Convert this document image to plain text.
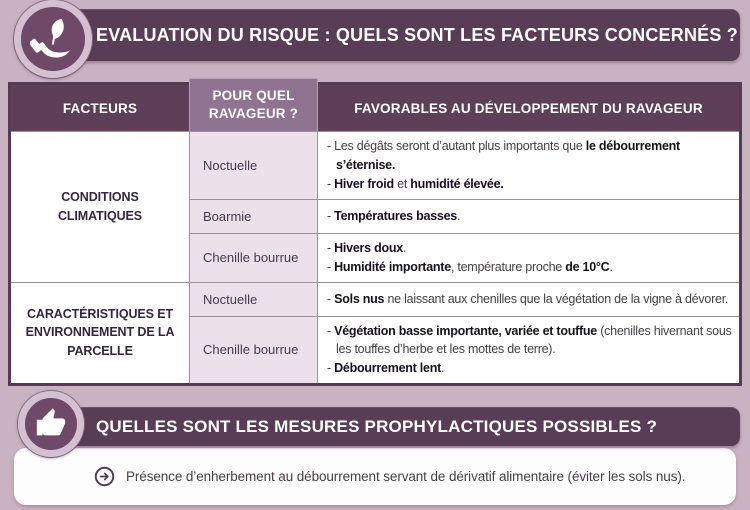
EVALUATION DU RISQUE : QUELS SONT LES FACTEURS CONCERNÉS ?
FACTEURS	POUR QUEL RAVAGEUR ?	FAVORABLES AU DÉVELOPPEMENT DU RAVAGEUR
CONDITIONS CLIMATIQUES	Noctuelle	- Les dégâts seront d’autant plus importants que le débourrement s’éternise.
- Hiver froid et humidité élevée.

	Boarmie	- Températures basses.

	Chenille bourrue	- Hivers doux.
- Humidité importante, température proche de 10°C.

CARACTÉRISTIQUES ET ENVIRONNEMENT DE LA PARCELLE	Noctuelle	- Sols nus ne laissant aux chenilles que la végétation de la vigne à dévorer.

	Chenille bourrue	- Végétation basse importante, variée et touffue (chenilles hivernant sous les touffes d’herbe et les mottes de terre).
- Débourrement lent.
QUELLES SONT LES MESURES PROPHYLACTIQUES POSSIBLES ?
Présence d’enherbement au débourrement servant de dérivatif alimentaire (éviter les sols nus).
